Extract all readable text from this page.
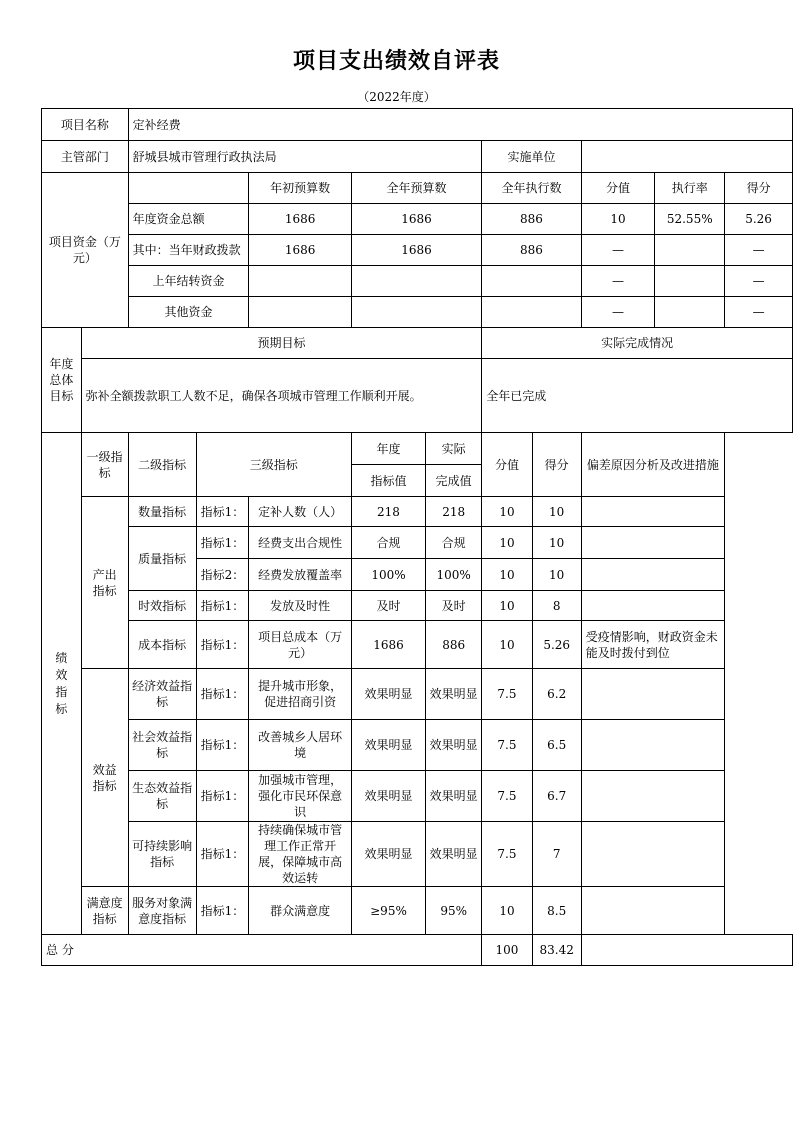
项目支出绩效自评表
（2022年度）
项目名称		定补经费									
主管部门		舒城县城市管理行政执法局					实施单位				
项目资金（万元）				年初预算数	全年预算数		全年执行数		分值	执行率	得分
		年度资金总额		1686	1686		886		10	52.55%	5.26
		其中：当年财政拨款		1686	1686		886		—		—
		上年结转资金							—		—
		其他资金							—		—
年度总体目标	预期目标						实际完成情况				
	弥补全额拨款职工人数不足，确保各项城市管理工作顺利开展。						全年已完成				

绩效指标	一级指标	二级指标	三级指标		年度	实际	分值	得分	偏差原因分析及改进措施		
					指标值	完成值					

	产出指标	数量指标	指标1：	定补人数（人）	218	218	10	10			
		质量指标	指标1：	经费支出合规性	合规	合规	10	10			
			指标2：	经费发放覆盖率	100%	100%	10	10			
		时效指标	指标1：	发放及时性	及时	及时	10	8			
		成本指标	指标1：	项目总成本（万元）	1686	886	10	5.26	受疫情影响，财政资金未能及时拨付到位		

	效益指标	经济效益指标	指标1：	提升城市形象，促进招商引资	效果明显	效果明显	7.5	6.2			

		社会效益指标	指标1：	改善城乡人居环境	效果明显	效果明显	7.5	6.5			

		生态效益指标	指标1：	加强城市管理，强化市民环保意识	效果明显	效果明显	7.5	6.7			

		可持续影响指标	指标1：	持续确保城市管理工作正常开展，保障城市高效运转	效果明显	效果明显	7.5	7			

	满意度指标	服务对象满意度指标	指标1：	群众满意度	≥95%	95%	10	8.5			
总 分							100	83.42			
